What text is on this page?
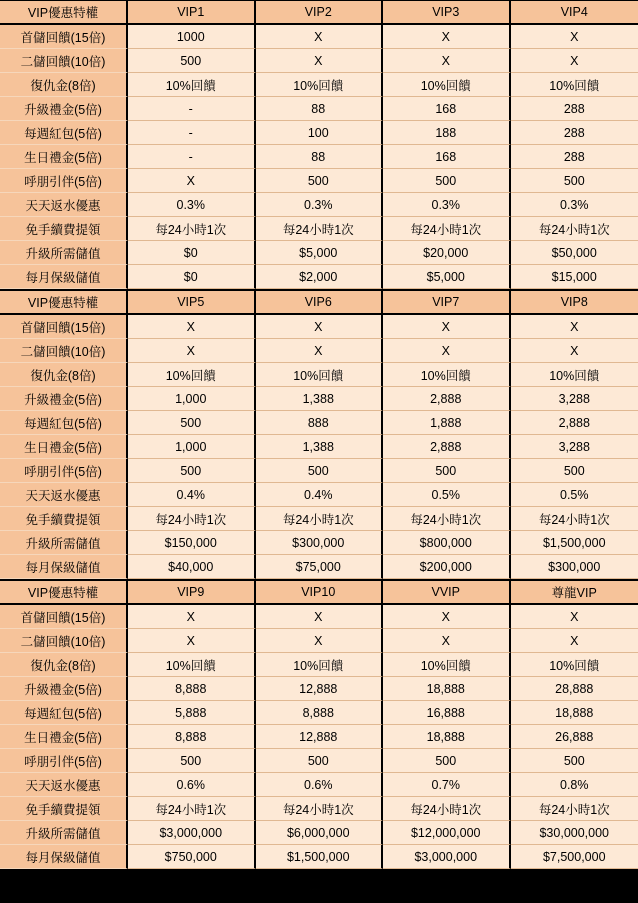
VIP優惠特權	VIP1	VIP2	VIP3	VIP4
首儲回饋(15倍)	1000	X	X	X
二儲回饋(10倍)	500	X	X	X
復仇金(8倍)	10%回饋	10%回饋	10%回饋	10%回饋
升級禮金(5倍)	-	88	168	288
每週紅包(5倍)	-	100	188	288
生日禮金(5倍)	-	88	168	288
呼朋引伴(5倍)	X	500	500	500
天天返水優惠	0.3%	0.3%	0.3%	0.3%
免手續費提領	每24小時1次	每24小時1次	每24小時1次	每24小時1次
升級所需儲值	$0	$5,000	$20,000	$50,000
每月保級儲值	$0	$2,000	$5,000	$15,000
VIP優惠特權	VIP5	VIP6	VIP7	VIP8
首儲回饋(15倍)	X	X	X	X
二儲回饋(10倍)	X	X	X	X
復仇金(8倍)	10%回饋	10%回饋	10%回饋	10%回饋
升級禮金(5倍)	1,000	1,388	2,888	3,288
每週紅包(5倍)	500	888	1,888	2,888
生日禮金(5倍)	1,000	1,388	2,888	3,288
呼朋引伴(5倍)	500	500	500	500
天天返水優惠	0.4%	0.4%	0.5%	0.5%
免手續費提領	每24小時1次	每24小時1次	每24小時1次	每24小時1次
升級所需儲值	$150,000	$300,000	$800,000	$1,500,000
每月保級儲值	$40,000	$75,000	$200,000	$300,000
VIP優惠特權	VIP9	VIP10	VVIP	尊龍VIP
首儲回饋(15倍)	X	X	X	X
二儲回饋(10倍)	X	X	X	X
復仇金(8倍)	10%回饋	10%回饋	10%回饋	10%回饋
升級禮金(5倍)	8,888	12,888	18,888	28,888
每週紅包(5倍)	5,888	8,888	16,888	18,888
生日禮金(5倍)	8,888	12,888	18,888	26,888
呼朋引伴(5倍)	500	500	500	500
天天返水優惠	0.6%	0.6%	0.7%	0.8%
免手續費提領	每24小時1次	每24小時1次	每24小時1次	每24小時1次
升級所需儲值	$3,000,000	$6,000,000	$12,000,000	$30,000,000
每月保級儲值	$750,000	$1,500,000	$3,000,000	$7,500,000
